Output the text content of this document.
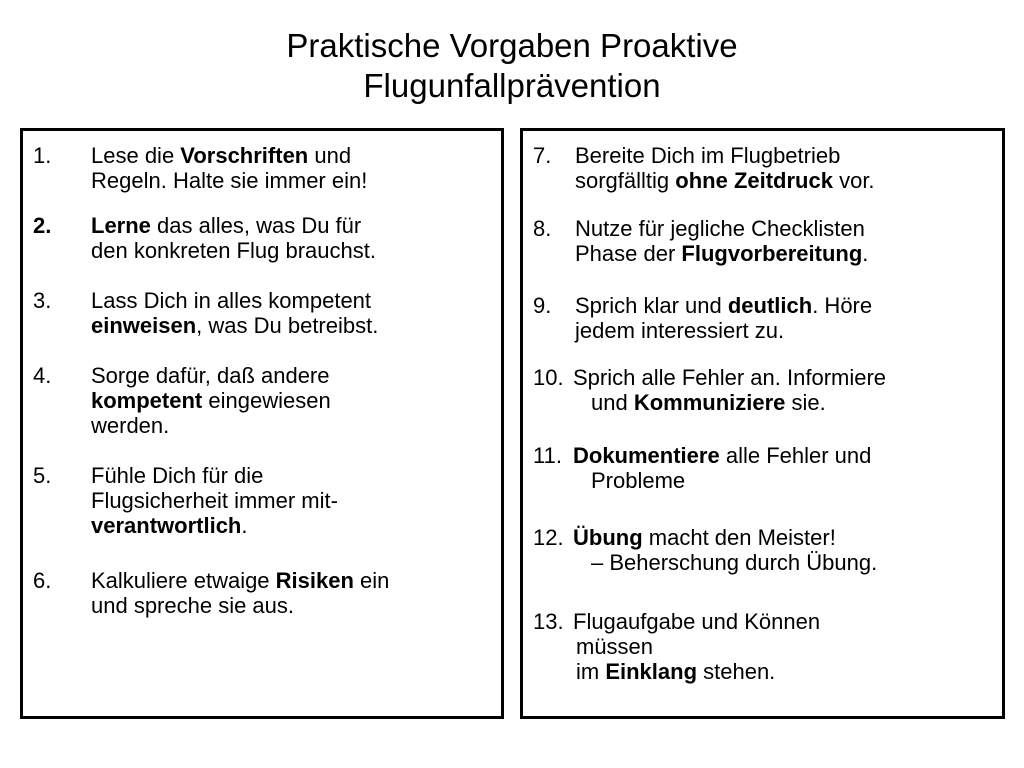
Praktische Vorgaben Proaktive
Flugunfallprävention
1. Lese die Vorschriften und
Regeln. Halte sie immer ein!
2. Lerne das alles, was Du für
den konkreten Flug brauchst.
3. Lass Dich in alles kompetent
einweisen, was Du betreibst.
4. Sorge dafür, daß andere
kompetent eingewiesen
werden.
5. Fühle Dich für die
Flugsicherheit immer mit-
verantwortlich.
6. Kalkuliere etwaige Risiken ein
und spreche sie aus.
7. Bereite Dich im Flugbetrieb
sorgfälltig ohne Zeitdruck vor.
8. Nutze für jegliche Checklisten
Phase der Flugvorbereitung.
9. Sprich klar und deutlich. Höre
jedem interessiert zu.
10. Sprich alle Fehler an. Informiere
und Kommuniziere sie.
11. Dokumentiere alle Fehler und
Probleme
12. Übung macht den Meister!
– Beherschung durch Übung.
13. Flugaufgabe und Können
müssen
im Einklang stehen.
